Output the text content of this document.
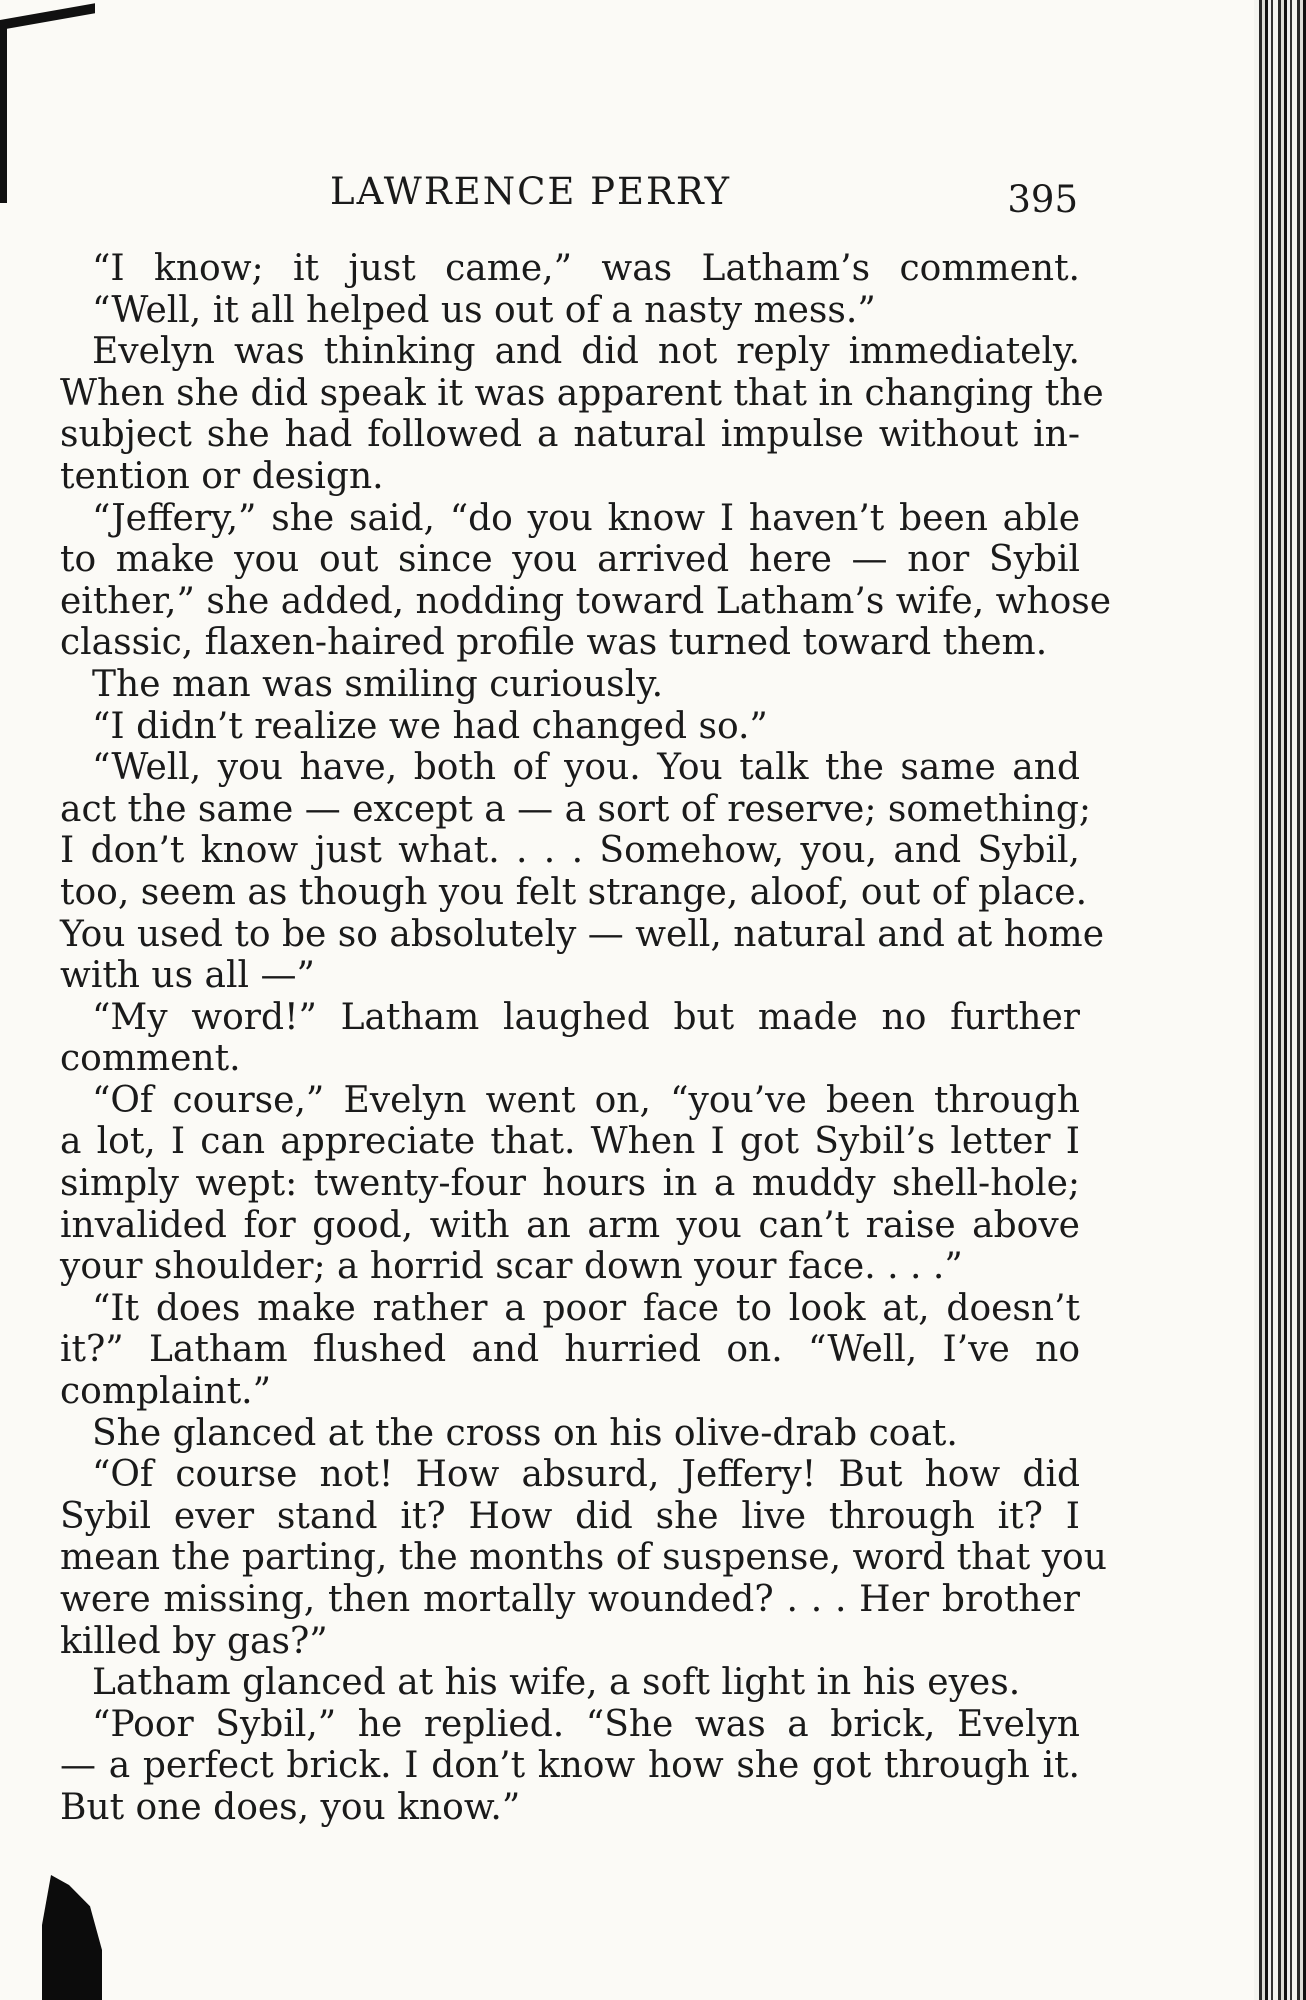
LAWRENCE PERRY	395
“I know; it just came,” was Latham’s comment.
“Well, it all helped us out of a nasty mess.”
Evelyn was thinking and did not reply immediately.
When she did speak it was apparent that in changing the
subject she had followed a natural impulse without in-
tention or design.
“Jeffery,” she said, “do you know I haven’t been able
to make you out since you arrived here — nor Sybil
either,” she added, nodding toward Latham’s wife, whose
classic, flaxen-haired profile was turned toward them.
The man was smiling curiously.
“I didn’t realize we had changed so.”
“Well, you have, both of you. You talk the same and
act the same — except a — a sort of reserve; something;
I don’t know just what. . . . Somehow, you, and Sybil,
too, seem as though you felt strange, aloof, out of place.
You used to be so absolutely — well, natural and at home
with us all —”
“My word!” Latham laughed but made no further
comment.
“Of course,” Evelyn went on, “you’ve been through
a lot, I can appreciate that. When I got Sybil’s letter I
simply wept: twenty-four hours in a muddy shell-hole;
invalided for good, with an arm you can’t raise above
your shoulder; a horrid scar down your face. . . .”
“It does make rather a poor face to look at, doesn’t
it?” Latham flushed and hurried on. “Well, I’ve no
complaint.”
She glanced at the cross on his olive-drab coat.
“Of course not! How absurd, Jeffery! But how did
Sybil ever stand it? How did she live through it? I
mean the parting, the months of suspense, word that you
were missing, then mortally wounded? . . . Her brother
killed by gas?”
Latham glanced at his wife, a soft light in his eyes.
“Poor Sybil,” he replied. “She was a brick, Evelyn
— a perfect brick. I don’t know how she got through it.
But one does, you know.”
